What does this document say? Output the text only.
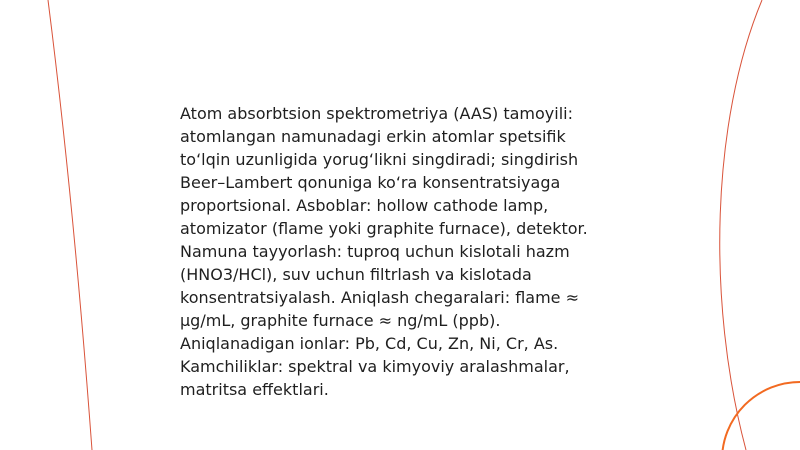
Atom absorbtsion spektrometriya (AAS) tamoyili:
atomlangan namunadagi erkin atomlar spetsifik
to‘lqin uzunligida yorug‘likni singdiradi; singdirish
Beer–Lambert qonuniga ko‘ra konsentratsiyaga
proportsional. Asboblar: hollow cathode lamp,
atomizator (flame yoki graphite furnace), detektor.
Namuna tayyorlash: tuproq uchun kislotali hazm
(HNO3/HCl), suv uchun filtrlash va kislotada
konsentratsiyalash. Aniqlash chegaralari: flame ≈
µg/mL, graphite furnace ≈ ng/mL (ppb).
Aniqlanadigan ionlar: Pb, Cd, Cu, Zn, Ni, Cr, As.
Kamchiliklar: spektral va kimyoviy aralashmalar,
matritsa effektlari.
